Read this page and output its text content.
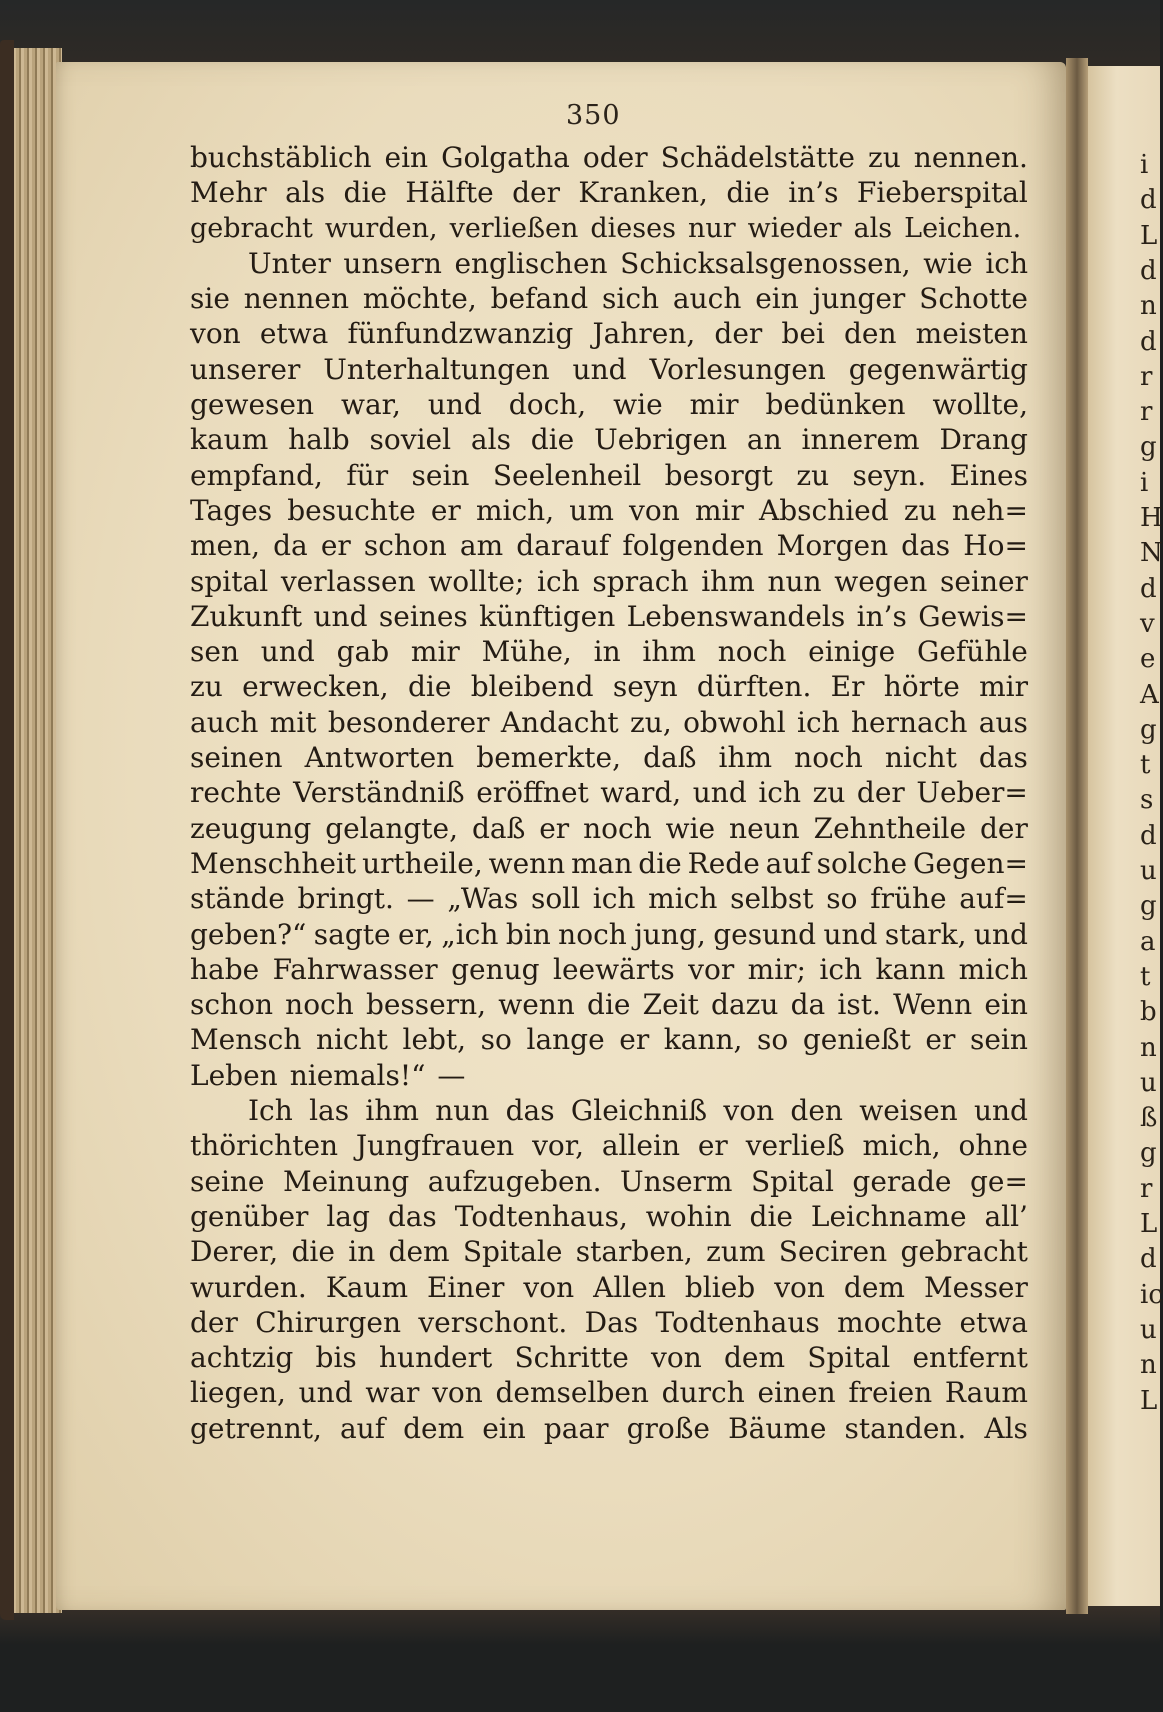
i
d
L
d
n
d
r
r
g
i
H
N
d
v
e
A
g
t
s
d
u
g
a
t
b
n
u
ß
g
r
L
d
ic
u
n
L
350
buchstäblich ein Golgatha oder Schädelstätte zu nennen.
Mehr als die Hälfte der Kranken, die in’s Fieberspital
gebracht wurden, verließen dieses nur wieder als Leichen.
Unter unsern englischen Schicksalsgenossen, wie ich
sie nennen möchte, befand sich auch ein junger Schotte
von etwa fünfundzwanzig Jahren, der bei den meisten
unserer Unterhaltungen und Vorlesungen gegenwärtig
gewesen war, und doch, wie mir bedünken wollte,
kaum halb soviel als die Uebrigen an innerem Drang
empfand, für sein Seelenheil besorgt zu seyn. Eines
Tages besuchte er mich, um von mir Abschied zu neh=
men, da er schon am darauf folgenden Morgen das Ho=
spital verlassen wollte; ich sprach ihm nun wegen seiner
Zukunft und seines künftigen Lebenswandels in’s Gewis=
sen und gab mir Mühe, in ihm noch einige Gefühle
zu erwecken, die bleibend seyn dürften. Er hörte mir
auch mit besonderer Andacht zu, obwohl ich hernach aus
seinen Antworten bemerkte, daß ihm noch nicht das
rechte Verständniß eröffnet ward, und ich zu der Ueber=
zeugung gelangte, daß er noch wie neun Zehntheile der
Menschheit urtheile, wenn man die Rede auf solche Gegen=
stände bringt. — „Was soll ich mich selbst so frühe auf=
geben?“ sagte er, „ich bin noch jung, gesund und stark, und
habe Fahrwasser genug leewärts vor mir; ich kann mich
schon noch bessern, wenn die Zeit dazu da ist. Wenn ein
Mensch nicht lebt, so lange er kann, so genießt er sein
Leben niemals!“ —
Ich las ihm nun das Gleichniß von den weisen und
thörichten Jungfrauen vor, allein er verließ mich, ohne
seine Meinung aufzugeben. Unserm Spital gerade ge=
genüber lag das Todtenhaus, wohin die Leichname all’
Derer, die in dem Spitale starben, zum Seciren gebracht
wurden. Kaum Einer von Allen blieb von dem Messer
der Chirurgen verschont. Das Todtenhaus mochte etwa
achtzig bis hundert Schritte von dem Spital entfernt
liegen, und war von demselben durch einen freien Raum
getrennt, auf dem ein paar große Bäume standen. Als
